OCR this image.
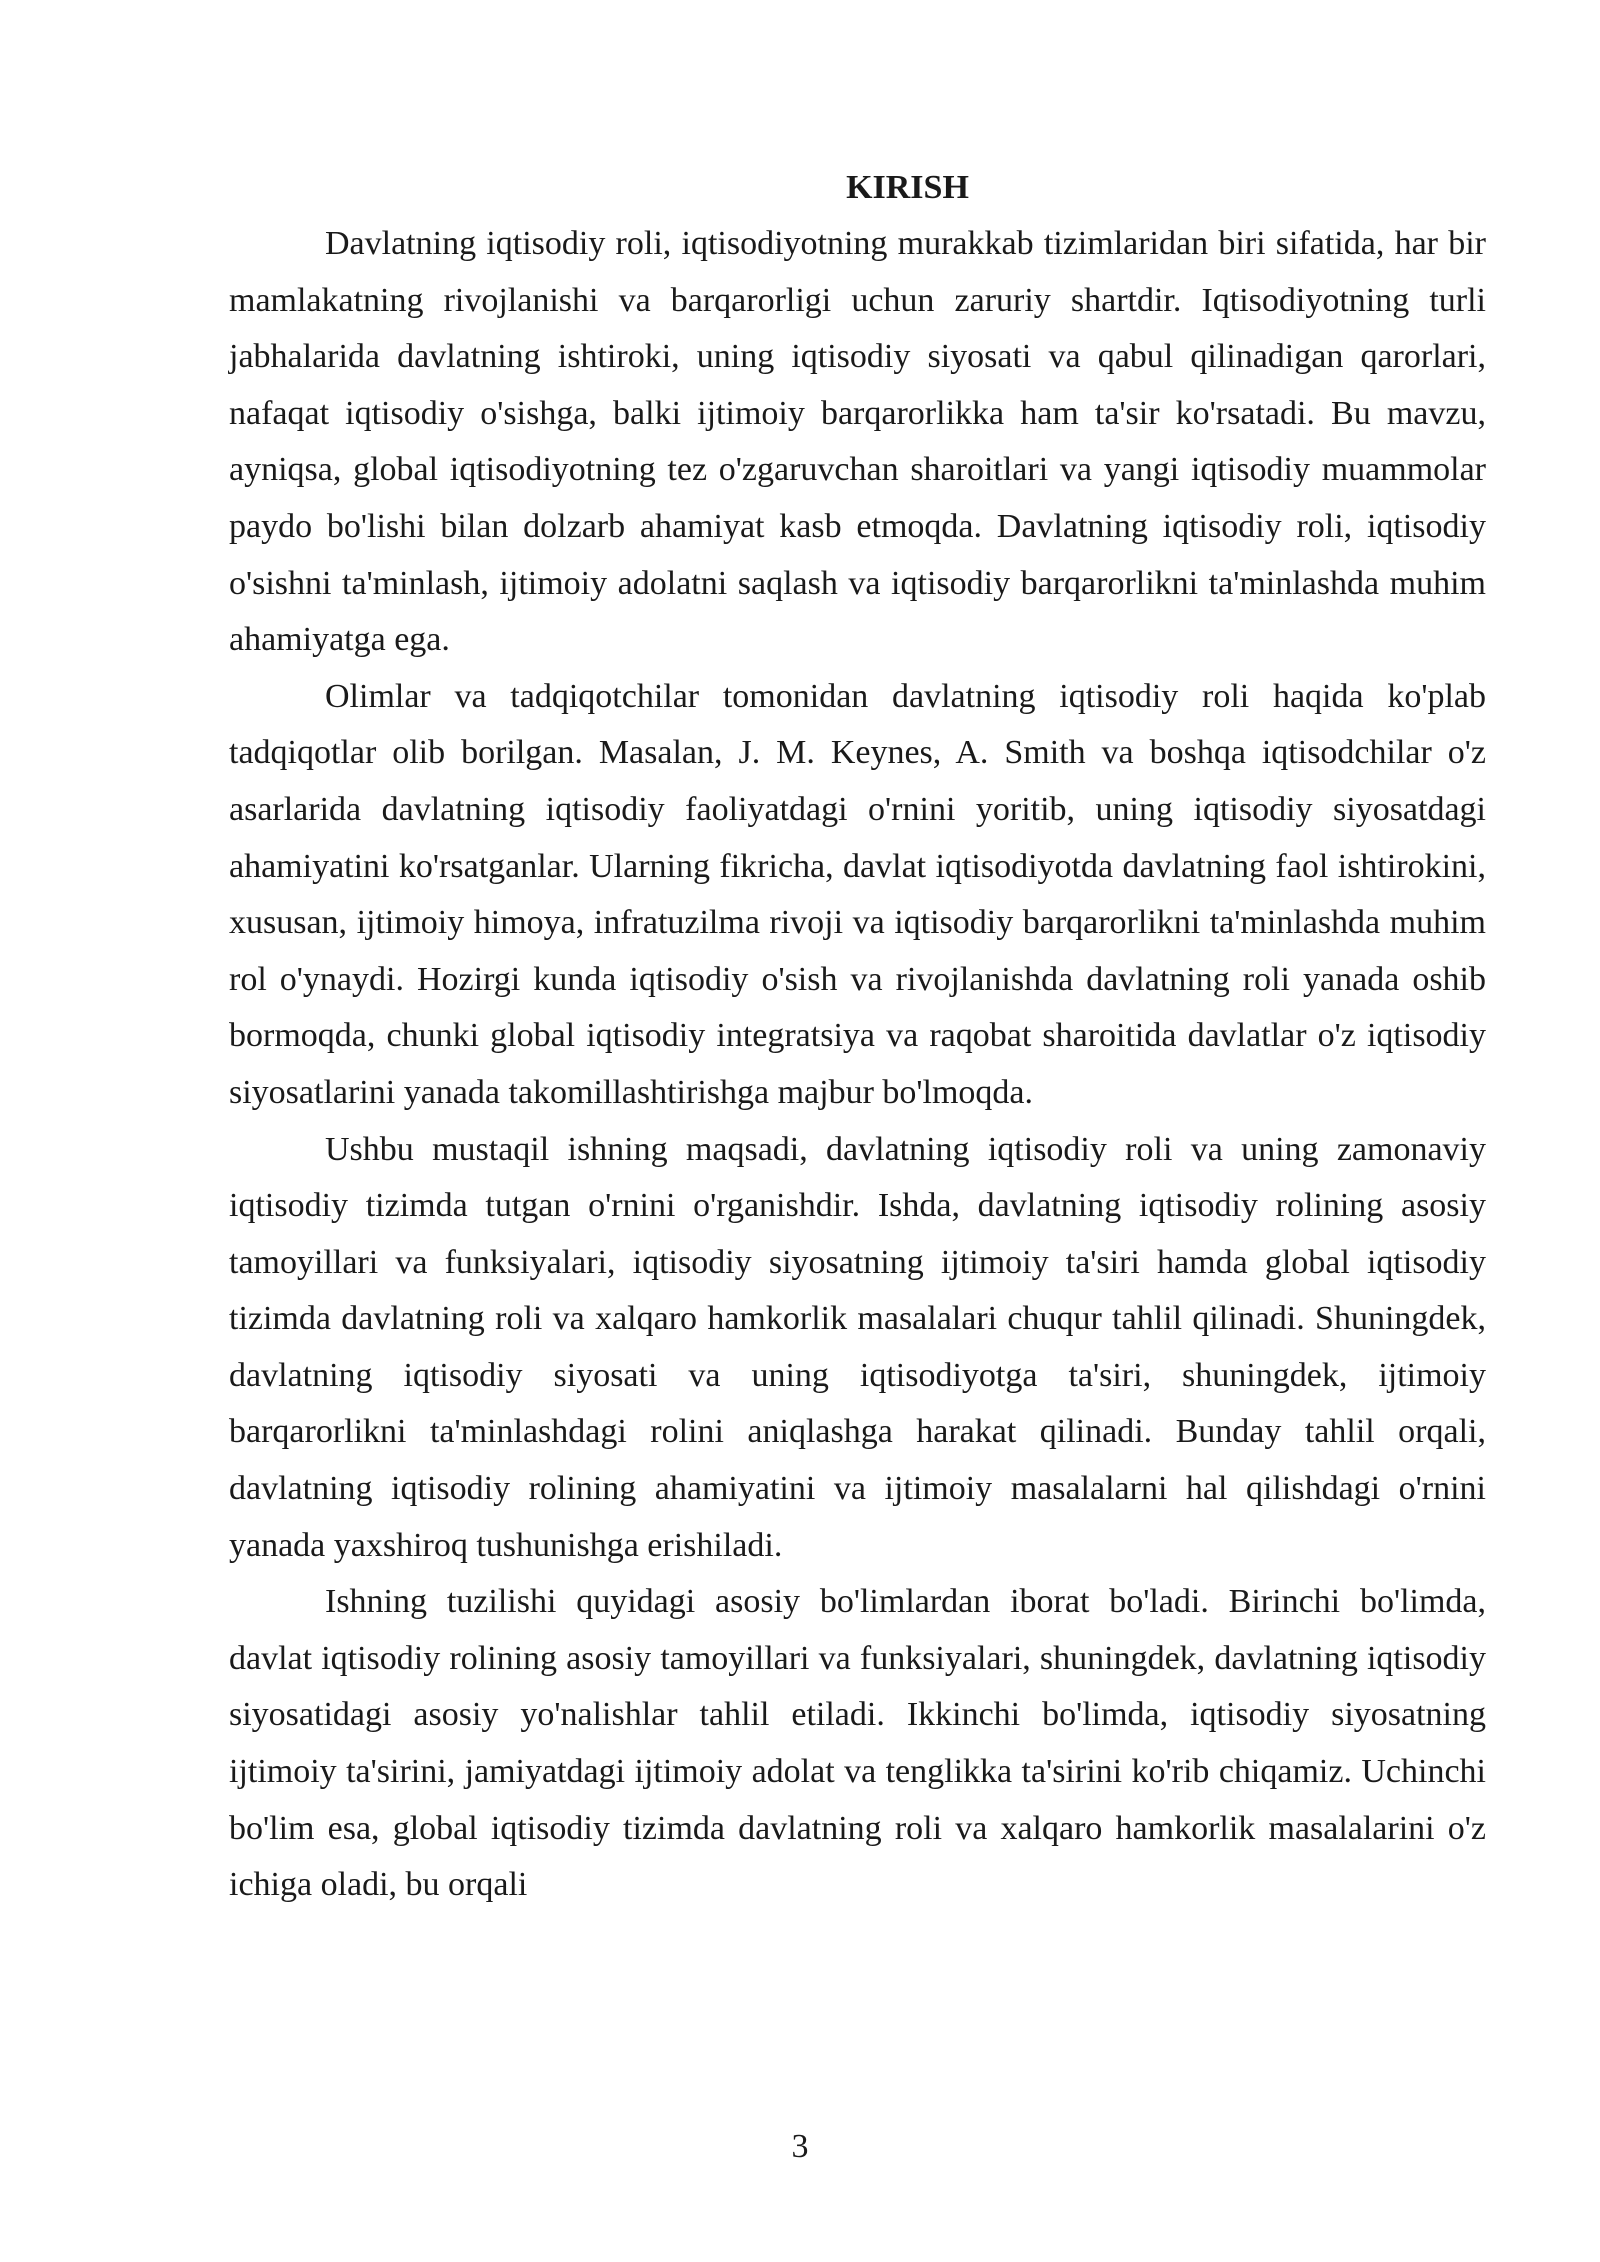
KIRISH

Davlatning iqtisodiy roli, iqtisodiyotning murakkab tizimlaridan biri sifatida, har bir mamlakatning rivojlanishi va barqarorligi uchun zaruriy shartdir. Iqtisodiyotning turli jabhalarida davlatning ishtiroki, uning iqtisodiy siyosati va qabul qilinadigan qarorlari, nafaqat iqtisodiy o'sishga, balki ijtimoiy barqarorlikka ham ta'sir ko'rsatadi. Bu mavzu, ayniqsa, global iqtisodiyotning tez o'zgaruvchan sharoitlari va yangi iqtisodiy muammolar paydo bo'lishi bilan dolzarb ahamiyat kasb etmoqda. Davlatning iqtisodiy roli, iqtisodiy o'sishni ta'minlash, ijtimoiy adolatni saqlash va iqtisodiy barqarorlikni ta'minlashda muhim ahamiyatga ega.

Olimlar va tadqiqotchilar tomonidan davlatning iqtisodiy roli haqida ko'plab tadqiqotlar olib borilgan. Masalan, J. M. Keynes, A. Smith va boshqa iqtisodchilar o'z asarlarida davlatning iqtisodiy faoliyatdagi o'rnini yoritib, uning iqtisodiy siyosatdagi ahamiyatini ko'rsatganlar. Ularning fikricha, davlat iqtisodiyotda davlatning faol ishtirokini, xususan, ijtimoiy himoya, infratuzilma rivoji va iqtisodiy barqarorlikni ta'minlashda muhim rol o'ynaydi. Hozirgi kunda iqtisodiy o'sish va rivojlanishda davlatning roli yanada oshib bormoqda, chunki global iqtisodiy integratsiya va raqobat sharoitida davlatlar o'z iqtisodiy siyosatlarini yanada takomillashtirishga majbur bo'lmoqda.

Ushbu mustaqil ishning maqsadi, davlatning iqtisodiy roli va uning zamonaviy iqtisodiy tizimda tutgan o'rnini o'rganishdir. Ishda, davlatning iqtisodiy rolining asosiy tamoyillari va funksiyalari, iqtisodiy siyosatning ijtimoiy ta'siri hamda global iqtisodiy tizimda davlatning roli va xalqaro hamkorlik masalalari chuqur tahlil qilinadi. Shuningdek, davlatning iqtisodiy siyosati va uning iqtisodiyotga ta'siri, shuningdek, ijtimoiy barqarorlikni ta'minlashdagi rolini aniqlashga harakat qilinadi. Bunday tahlil orqali, davlatning iqtisodiy rolining ahamiyatini va ijtimoiy masalalarni hal qilishdagi o'rnini yanada yaxshiroq tushunishga erishiladi.

Ishning tuzilishi quyidagi asosiy bo'limlardan iborat bo'ladi. Birinchi bo'limda, davlat iqtisodiy rolining asosiy tamoyillari va funksiyalari, shuningdek, davlatning iqtisodiy siyosatidagi asosiy yo'nalishlar tahlil etiladi. Ikkinchi bo'limda, iqtisodiy siyosatning ijtimoiy ta'sirini, jamiyatdagi ijtimoiy adolat va tenglikka ta'sirini ko'rib chiqamiz. Uchinchi bo'lim esa, global iqtisodiy tizimda davlatning roli va xalqaro hamkorlik masalalarini o'z ichiga oladi, bu orqali

3
